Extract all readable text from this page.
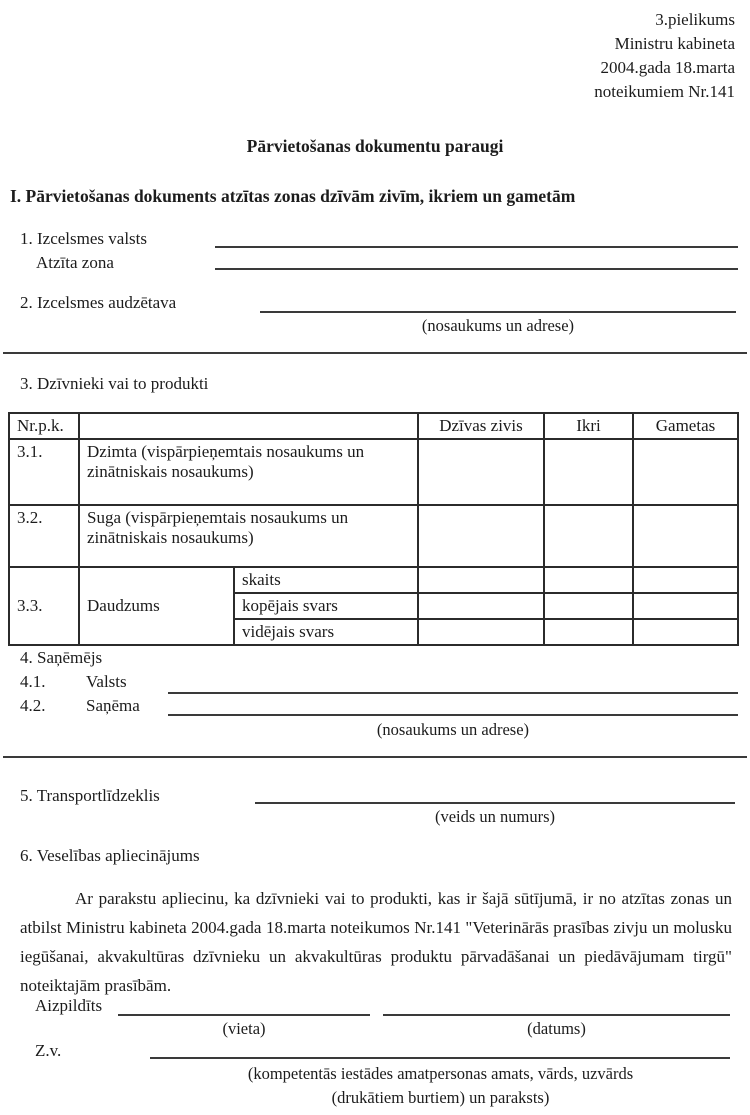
3.pielikums
Ministru kabineta
2004.gada 18.marta
noteikumiem Nr.141
Pārvietošanas dokumentu paraugi
I. Pārvietošanas dokuments atzītas zonas dzīvām zivīm, ikriem un gametām
1. Izcelsmes valsts
Atzīta zona
2. Izcelsmes audzētava
(nosaukums un adrese)
3. Dzīvnieki vai to produkti
Nr.p.k.			Dzīvas zivis	Ikri	Gametas
3.1.	Dzimta (vispārpieņemtais nosaukums un zinātniskais nosaukums)				
3.2.	Suga (vispārpieņemtais nosaukums un zinātniskais nosaukums)				
3.3.	Daudzums	skaits			
		kopējais svars			
		vidējais svars			
4. Saņēmējs
4.1. Valsts
4.2. Saņēma
(nosaukums un adrese)
5. Transportlīdzeklis
(veids un numurs)
6. Veselības apliecinājums
Ar parakstu apliecinu, ka dzīvnieki vai to produkti, kas ir šajā sūtījumā, ir no atzītas zonas un atbilst Ministru kabineta 2004.gada 18.marta noteikumos Nr.141 "Veterinārās prasības zivju un molusku iegūšanai, akvakultūras dzīvnieku un akvakultūras produktu pārvadāšanai un piedāvājumam tirgū" noteiktajām prasībām.
Aizpildīts
(vieta)	(datums)
Z.v.
(kompetentās iestādes amatpersonas amats, vārds, uzvārds
(drukātiem burtiem) un paraksts)
